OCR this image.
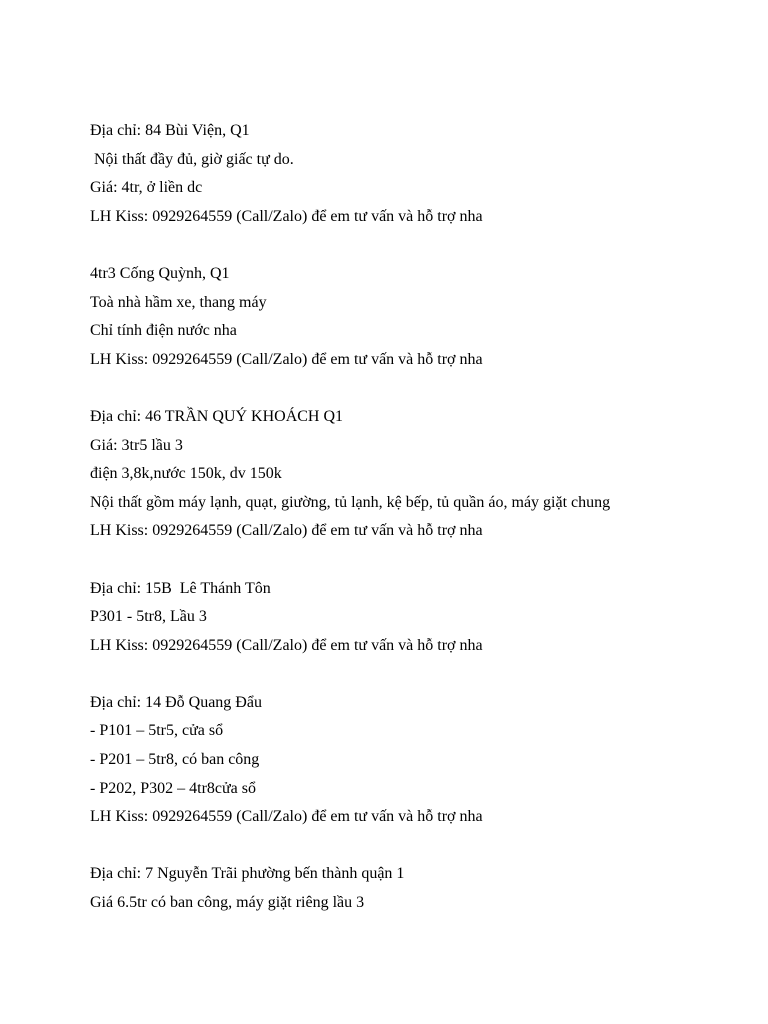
Địa chỉ: 84 Bùi Viện, Q1
Nội thất đầy đủ, giờ giấc tự do.
Giá: 4tr, ở liền dc
LH Kiss: 0929264559 (Call/Zalo) để em tư vấn và hỗ trợ nha
4tr3 Cống Quỳnh, Q1
Toà nhà hầm xe, thang máy
Chỉ tính điện nước nha
LH Kiss: 0929264559 (Call/Zalo) để em tư vấn và hỗ trợ nha
Địa chỉ: 46 TRẦN QUÝ KHOÁCH Q1
Giá: 3tr5 lầu 3
điện 3,8k,nước 150k, dv 150k
Nội thất gồm máy lạnh, quạt, giường, tủ lạnh, kệ bếp, tủ quần áo, máy giặt chung
LH Kiss: 0929264559 (Call/Zalo) để em tư vấn và hỗ trợ nha
Địa chỉ: 15B  Lê Thánh Tôn
P301 - 5tr8, Lầu 3
LH Kiss: 0929264559 (Call/Zalo) để em tư vấn và hỗ trợ nha
Địa chỉ: 14 Đỗ Quang Đẩu
- P101 – 5tr5, cửa sổ
- P201 – 5tr8, có ban công
- P202, P302 – 4tr8cửa sổ
LH Kiss: 0929264559 (Call/Zalo) để em tư vấn và hỗ trợ nha
Địa chỉ: 7 Nguyễn Trãi phường bến thành quận 1
Giá 6.5tr có ban công, máy giặt riêng lầu 3
